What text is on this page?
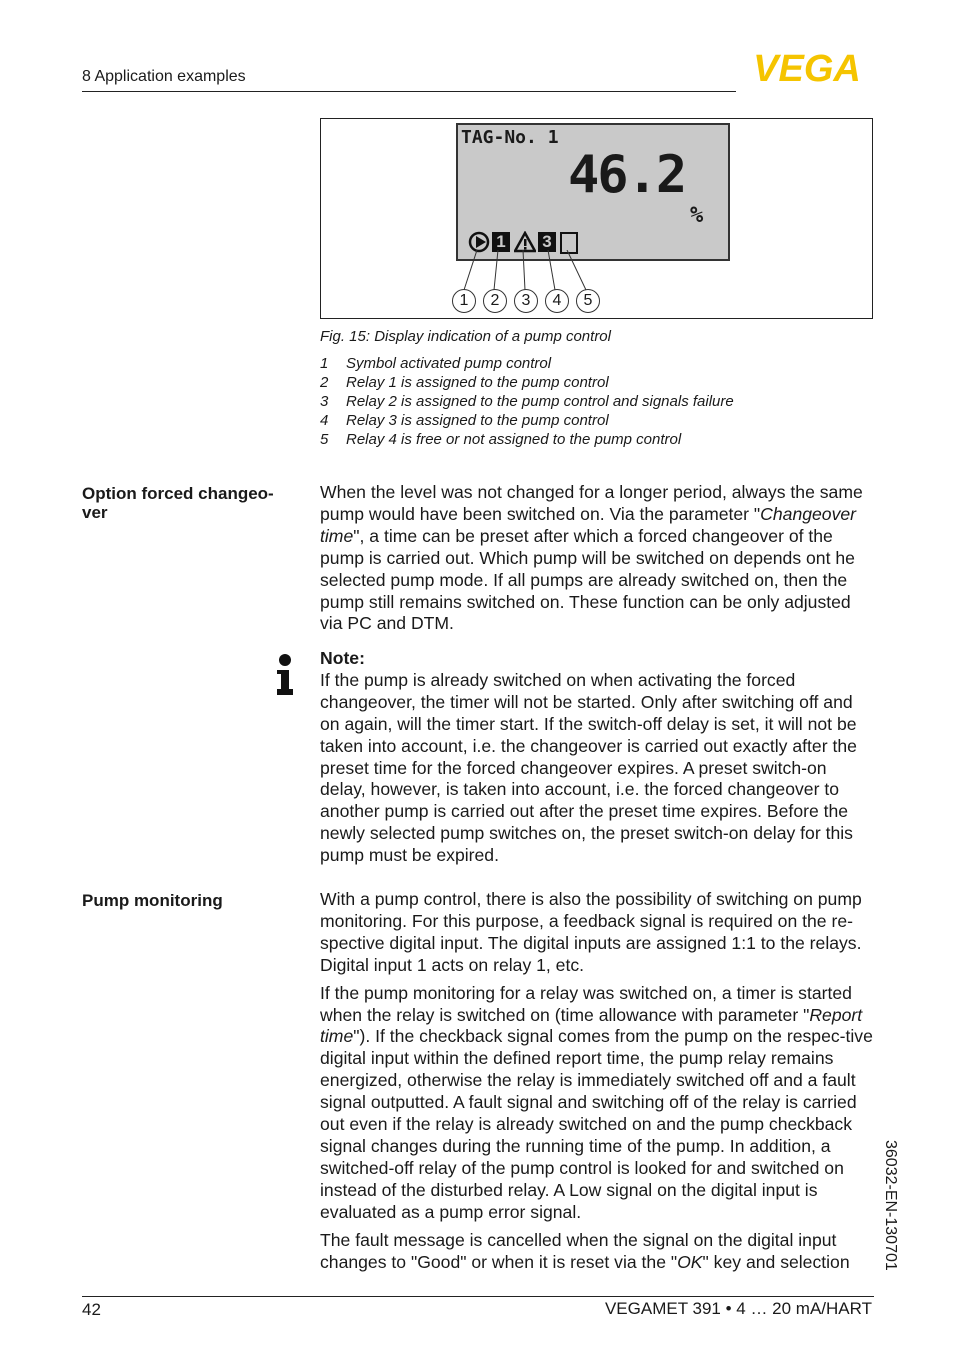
8 Application examples	VEGA
TAG-No. 1
46.2
%
1 3
1	2	3	4	5
Fig. 15: Display indication of a pump control
1	Symbol activated pump control
2	Relay 1 is assigned to the pump control
3	Relay 2 is assigned to the pump control and signals failure
4	Relay 3 is assigned to the pump control
5	Relay 4 is free or not assigned to the pump control
Option forced changeo-
ver

When the level was not changed for a longer period, always the same pump would have been switched on. Via the parameter "Changeover time", a time can be preset after which a forced changeover of the pump is carried out. Which pump will be switched on depends ont he selected pump mode. If all pumps are already switched on, then the pump still remains switched on. These function can be only adjusted via PC and DTM.

Note:

If the pump is already switched on when activating the forced changeover, the timer will not be started. Only after switching off and on again, will the timer start. If the switch-off delay is set, it will not be taken into account, i.e. the changeover is carried out exactly after the preset time for the forced changeover expires. A preset switch-on delay, however, is taken into account, i.e. the forced changeover to another pump is carried out after the preset time expires. Before the newly selected pump switches on, the preset switch-on delay for this pump must be expired.

Pump monitoring	With a pump control, there is also the possibility of switching on pump monitoring. For this purpose, a feedback signal is required on the re-spective digital input. The digital inputs are assigned 1:1 to the relays. Digital input 1 acts on relay 1, etc.

If the pump monitoring for a relay was switched on, a timer is started when the relay is switched on (time allowance with parameter "Report time"). If the checkback signal comes from the pump on the respec-tive digital input within the defined report time, the pump relay remains energized, otherwise the relay is immediately switched off and a fault signal outputted. A fault signal and switching off of the relay is carried out even if the relay is already switched on and the pump checkback signal changes during the running time of the pump. In addition, a switched-off relay of the pump control is looked for and switched on instead of the disturbed relay. A Low signal on the digital input is evaluated as a pump error signal.

The fault message is cancelled when the signal on the digital input changes to "Good" or when it is reset via the "OK" key and selection	36032-EN-130701
42	VEGAMET 391 • 4 … 20 mA/HART
